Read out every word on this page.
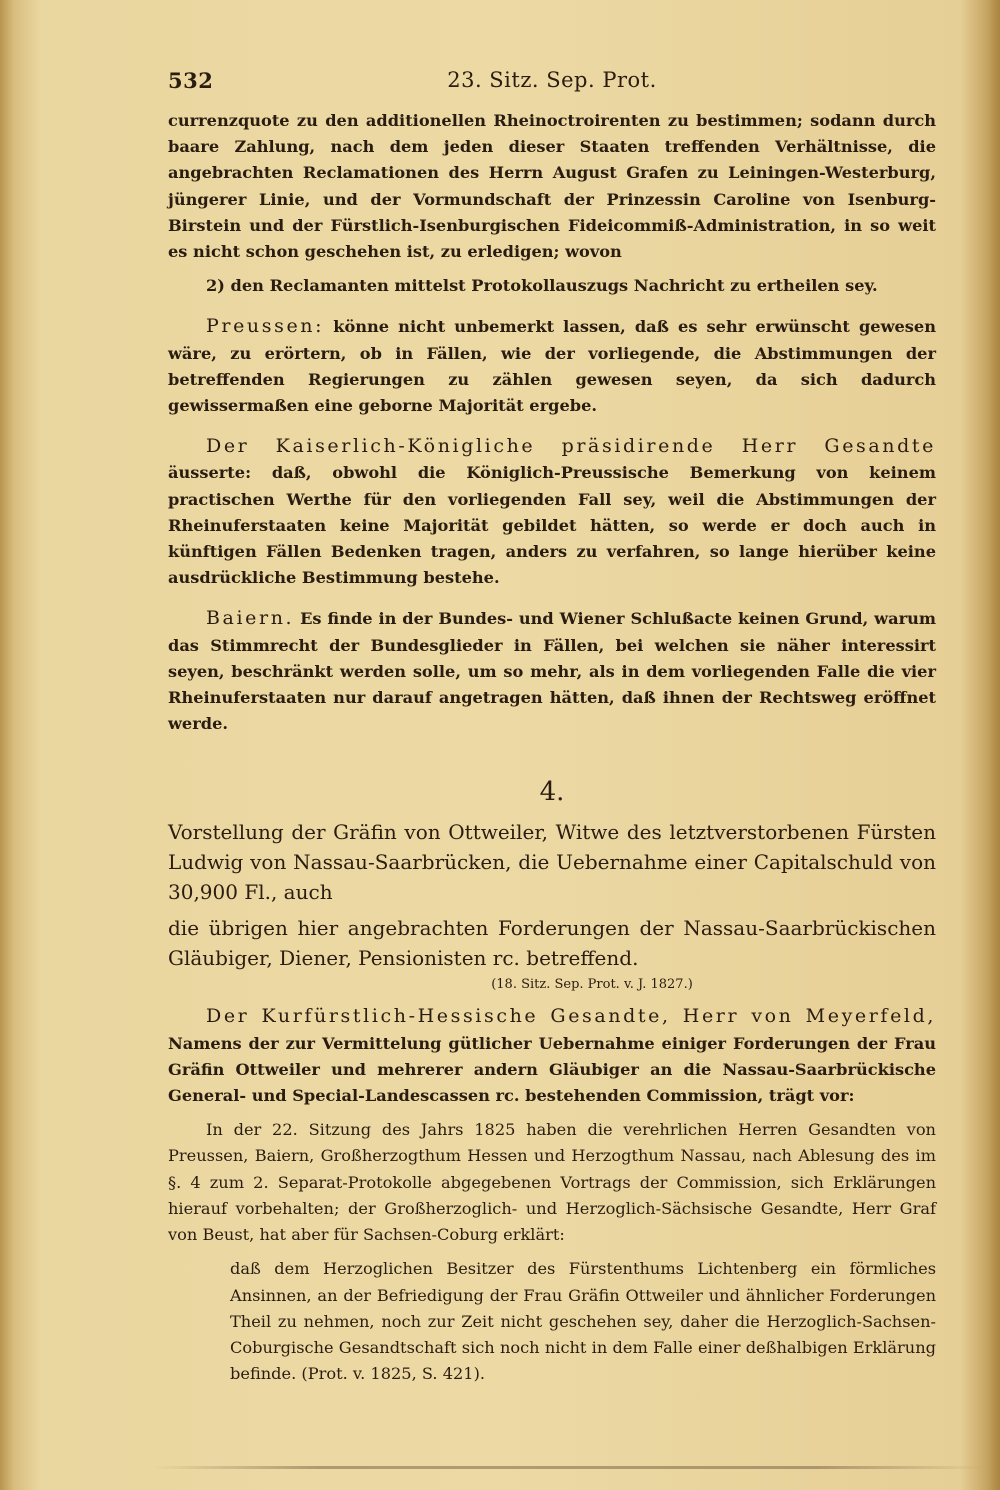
532	23. Sitz. Sep. Prot.

currenzquote zu den additionellen Rheinoctroirenten zu bestimmen; sodann durch baare Zahlung, nach dem jeden dieser Staaten treffenden Verhältnisse, die angebrachten Reclamationen des Herrn August Grafen zu Leiningen-Westerburg, jüngerer Linie, und der Vormundschaft der Prinzessin Caroline von Isenburg-Birstein und der Fürstlich-Isenburgischen Fideicommiß-Administration, in so weit es nicht schon geschehen ist, zu erledigen; wovon

2) den Reclamanten mittelst Protokollauszugs Nachricht zu ertheilen sey.

Preussen: könne nicht unbemerkt lassen, daß es sehr erwünscht gewesen wäre, zu erörtern, ob in Fällen, wie der vorliegende, die Abstimmungen der betreffenden Regierungen zu zählen gewesen seyen, da sich dadurch gewissermaßen eine geborne Majorität ergebe.

Der Kaiserlich-Königliche präsidirende Herr Gesandte äusserte: daß, obwohl die Königlich-Preussische Bemerkung von keinem practischen Werthe für den vorliegenden Fall sey, weil die Abstimmungen der Rheinuferstaaten keine Majorität gebildet hätten, so werde er doch auch in künftigen Fällen Bedenken tragen, anders zu verfahren, so lange hierüber keine ausdrückliche Bestimmung bestehe.

Baiern. Es finde in der Bundes- und Wiener Schlußacte keinen Grund, warum das Stimmrecht der Bundesglieder in Fällen, bei welchen sie näher interessirt seyen, beschränkt werden solle, um so mehr, als in dem vorliegenden Falle die vier Rheinuferstaaten nur darauf angetragen hätten, daß ihnen der Rechtsweg eröffnet werde.

4.

Vorstellung der Gräfin von Ottweiler, Witwe des letztverstorbenen Fürsten Ludwig von Nassau-Saarbrücken, die Uebernahme einer Capitalschuld von 30,900 Fl., auch

die übrigen hier angebrachten Forderungen der Nassau-Saarbrückischen Gläubiger, Diener, Pensionisten rc. betreffend.

(18. Sitz. Sep. Prot. v. J. 1827.)

Der Kurfürstlich-Hessische Gesandte, Herr von Meyerfeld, Namens der zur Vermittelung gütlicher Uebernahme einiger Forderungen der Frau Gräfin Ottweiler und mehrerer andern Gläubiger an die Nassau-Saarbrückische General- und Special-Landescassen rc. bestehenden Commission, trägt vor:

In der 22. Sitzung des Jahrs 1825 haben die verehrlichen Herren Gesandten von Preussen, Baiern, Großherzogthum Hessen und Herzogthum Nassau, nach Ablesung des im §. 4 zum 2. Separat-Protokolle abgegebenen Vortrags der Commission, sich Erklärungen hierauf vorbehalten; der Großherzoglich- und Herzoglich-Sächsische Gesandte, Herr Graf von Beust, hat aber für Sachsen-Coburg erklärt:

daß dem Herzoglichen Besitzer des Fürstenthums Lichtenberg ein förmliches Ansinnen, an der Befriedigung der Frau Gräfin Ottweiler und ähnlicher Forderungen Theil zu nehmen, noch zur Zeit nicht geschehen sey, daher die Herzoglich-Sachsen-Coburgische Gesandtschaft sich noch nicht in dem Falle einer deßhalbigen Erklärung befinde. (Prot. v. 1825, S. 421).
